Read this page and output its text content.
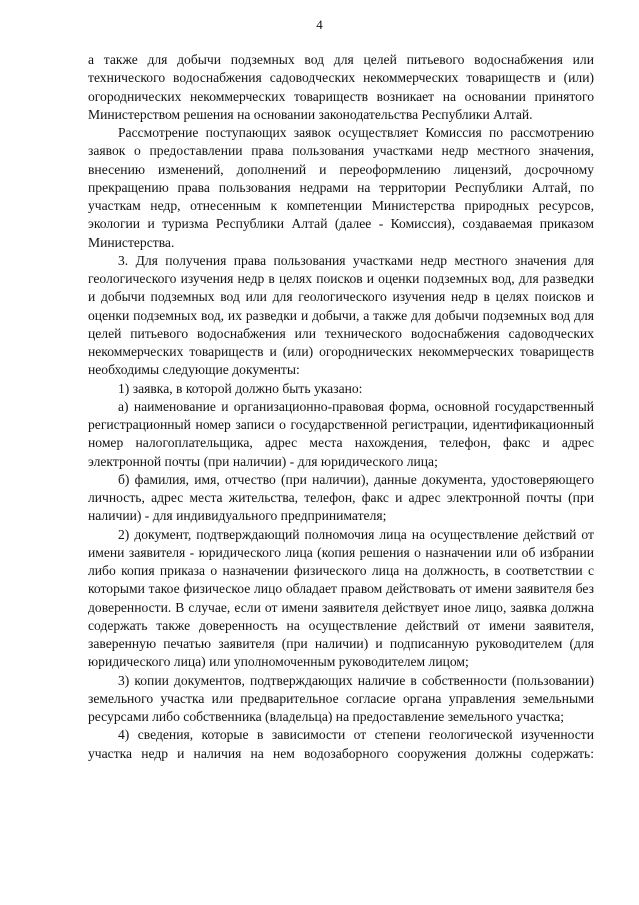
4

а также для добычи подземных вод для целей питьевого водоснабжения или технического водоснабжения садоводческих некоммерческих товариществ и (или) огороднических некоммерческих товариществ возникает на основании принятого Министерством решения на основании законодательства Республики Алтай.

Рассмотрение поступающих заявок осуществляет Комиссия по рассмотрению заявок о предоставлении права пользования участками недр местного значения, внесению изменений, дополнений и переоформлению лицензий, досрочному прекращению права пользования недрами на территории Республики Алтай, по участкам недр, отнесенным к компетенции Министерства природных ресурсов, экологии и туризма Республики Алтай (далее - Комиссия), создаваемая приказом Министерства.

3. Для получения права пользования участками недр местного значения для геологического изучения недр в целях поисков и оценки подземных вод, для разведки и добычи подземных вод или для геологического изучения недр в целях поисков и оценки подземных вод, их разведки и добычи, а также для добычи подземных вод для целей питьевого водоснабжения или технического водоснабжения садоводческих некоммерческих товариществ и (или) огороднических некоммерческих товариществ необходимы следующие документы:

1) заявка, в которой должно быть указано:

а) наименование и организационно-правовая форма, основной государственный регистрационный номер записи о государственной регистрации, идентификационный номер налогоплательщика, адрес места нахождения, телефон, факс и адрес электронной почты (при наличии) - для юридического лица;

б) фамилия, имя, отчество (при наличии), данные документа, удостоверяющего личность, адрес места жительства, телефон, факс и адрес электронной почты (при наличии) - для индивидуального предпринимателя;

2) документ, подтверждающий полномочия лица на осуществление действий от имени заявителя - юридического лица (копия решения о назначении или об избрании либо копия приказа о назначении физического лица на должность, в соответствии с которыми такое физическое лицо обладает правом действовать от имени заявителя без доверенности. В случае, если от имени заявителя действует иное лицо, заявка должна содержать также доверенность на осуществление действий от имени заявителя, заверенную печатью заявителя (при наличии) и подписанную руководителем (для юридического лица) или уполномоченным руководителем лицом;

3) копии документов, подтверждающих наличие в собственности (пользовании) земельного участка или предварительное согласие органа управления земельными ресурсами либо собственника (владельца) на предоставление земельного участка;

4) сведения, которые в зависимости от степени геологической изученности участка недр и наличия на нем водозаборного сооружения должны содержать:
